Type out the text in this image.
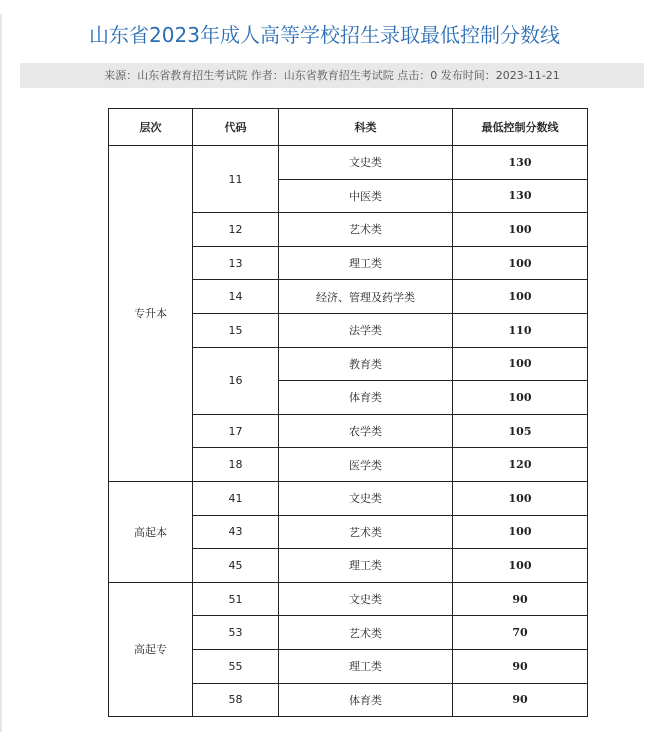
山东省2023年成人高等学校招生录取最低控制分数线
来源：山东省教育招生考试院 作者：山东省教育招生考试院 点击：0 发布时间：2023-11-21
层次	代码	科类	最低控制分数线
专升本	11	文史类	130
		中医类	130
	12	艺术类	100
	13	理工类	100
	14	经济、管理及药学类	100
	15	法学类	110
	16	教育类	100
		体育类	100
	17	农学类	105
	18	医学类	120
高起本	41	文史类	100
	43	艺术类	100
	45	理工类	100
高起专	51	文史类	90
	53	艺术类	70
	55	理工类	90
	58	体育类	90
